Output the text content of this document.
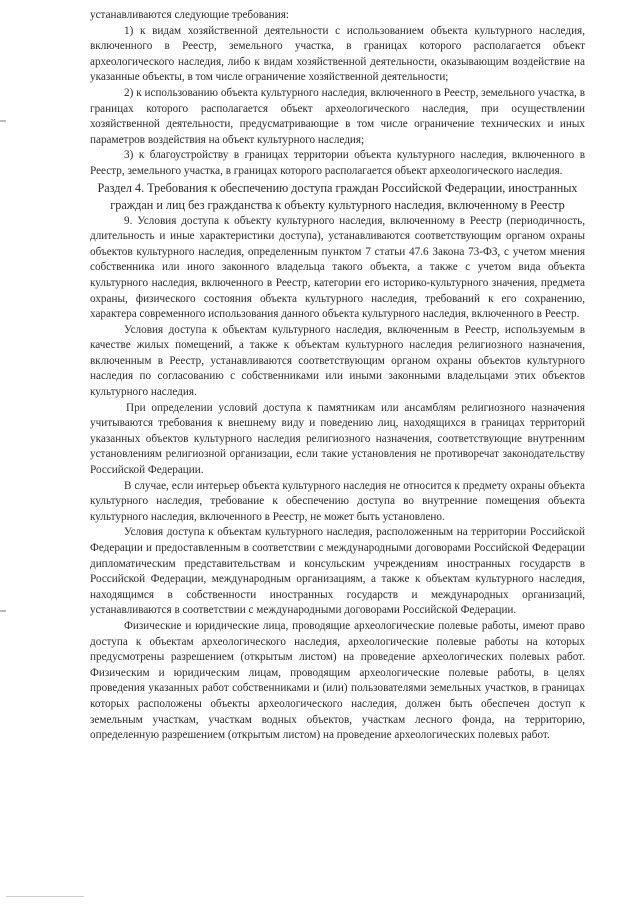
устанавливаются следующие требования:

1) к видам хозяйственной деятельности с использованием объекта культурного наследия, включенного в Реестр, земельного участка, в границах которого располагается объект археологического наследия, либо к видам хозяйственной деятельности, оказывающим воздействие на указанные объекты, в том числе ограничение хозяйственной деятельности;

2) к использованию объекта культурного наследия, включенного в Реестр, земельного участка, в границах которого располагается объект археологического наследия, при осуществлении хозяйственной деятельности, предусматривающие в том числе ограничение технических и иных параметров воздействия на объект культурного наследия;

3) к благоустройству в границах территории объекта культурного наследия, включенного в Реестр, земельного участка, в границах которого располагается объект археологического наследия.

Раздел 4. Требования к обеспечению доступа граждан Российской Федерации, иностранных граждан и лиц без гражданства к объекту культурного наследия, включенному в Реестр

9. Условия доступа к объекту культурного наследия, включенному в Реестр (периодичность, длительность и иные характеристики доступа), устанавливаются соответствующим органом охраны объектов культурного наследия, определенным пунктом 7 статьи 47.6 Закона 73-ФЗ, с учетом мнения собственника или иного законного владельца такого объекта, а также с учетом вида объекта культурного наследия, включенного в Реестр, категории его историко-культурного значения, предмета охраны, физического состояния объекта культурного наследия, требований к его сохранению, характера современного использования данного объекта культурного наследия, включенного в Реестр.

Условия доступа к объектам культурного наследия, включенным в Реестр, используемым в качестве жилых помещений, а также к объектам культурного наследия религиозного назначения, включенным в Реестр, устанавливаются соответствующим органом охраны объектов культурного наследия по согласованию с собственниками или иными законными владельцами этих объектов культурного наследия.

При определении условий доступа к памятникам или ансамблям религиозного назначения учитываются требования к внешнему виду и поведению лиц, находящихся в границах территорий указанных объектов культурного наследия религиозного назначения, соответствующие внутренним установлениям религиозной организации, если такие установления не противоречат законодательству Российской Федерации.

В случае, если интерьер объекта культурного наследия не относится к предмету охраны объекта культурного наследия, требование к обеспечению доступа во внутренние помещения объекта культурного наследия, включенного в Реестр, не может быть установлено.

Условия доступа к объектам культурного наследия, расположенным на территории Российской Федерации и предоставленным в соответствии с международными договорами Российской Федерации дипломатическим представительствам и консульским учреждениям иностранных государств в Российской Федерации, международным организациям, а также к объектам культурного наследия, находящимся в собственности иностранных государств и международных организаций, устанавливаются в соответствии с международными договорами Российской Федерации.

Физические и юридические лица, проводящие археологические полевые работы, имеют право доступа к объектам археологического наследия, археологические полевые работы на которых предусмотрены разрешением (открытым листом) на проведение археологических полевых работ. Физическим и юридическим лицам, проводящим археологические полевые работы, в целях проведения указанных работ собственниками и (или) пользователями земельных участков, в границах которых расположены объекты археологического наследия, должен быть обеспечен доступ к земельным участкам, участкам водных объектов, участкам лесного фонда, на территорию, определенную разрешением (открытым листом) на проведение археологических полевых работ.
